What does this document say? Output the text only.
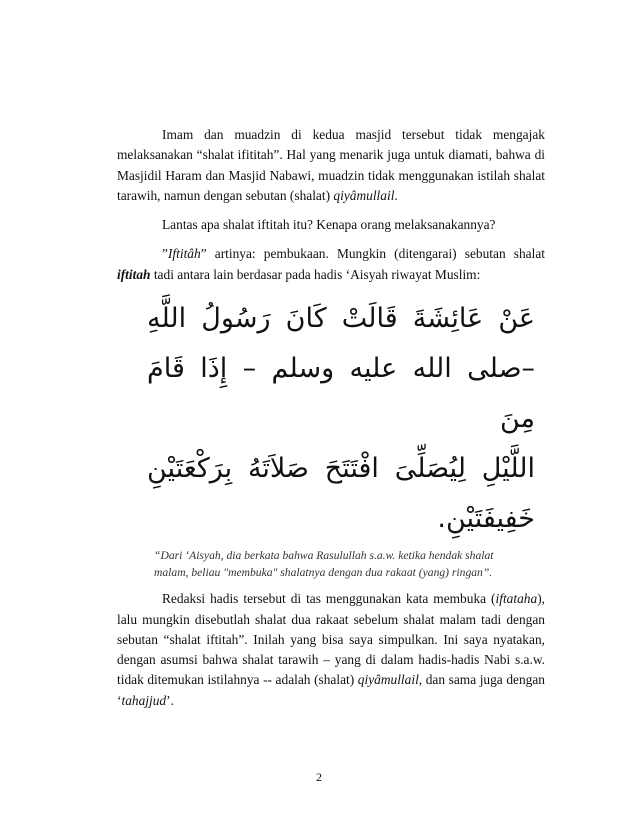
Imam dan muadzin di kedua masjid tersebut tidak mengajak melaksanakan “shalat ifititah”. Hal yang menarik juga untuk diamati, bahwa di Masjidil Haram dan Masjid Nabawi, muadzin tidak menggunakan istilah shalat tarawih, namun dengan sebutan (shalat) qiyâmullail.

Lantas apa shalat iftitah itu? Kenapa orang melaksanakannya?

”Iftitâh” artinya: pembukaan. Mungkin (ditengarai) sebutan shalat iftitah tadi antara lain berdasar pada hadis ‘Aisyah riwayat Muslim:

عَنْ عَائِشَةَ قَالَتْ كَانَ رَسُولُ اللَّهِ
–صلى الله عليه وسلم – إِذَا قَامَ مِنَ
اللَّيْلِ لِيُصَلِّىَ افْتَتَحَ صَلاَتَهُ بِرَكْعَتَيْنِ
خَفِيفَتَيْنِ.

“Dari ‘Aisyah, dia berkata bahwa Rasulullah s.a.w. ketika hendak shalat malam, beliau "membuka" shalatnya dengan dua rakaat (yang) ringan”.

Redaksi hadis tersebut di tas menggunakan kata membuka (iftataha), lalu mungkin disebutlah shalat dua rakaat sebelum shalat malam tadi dengan sebutan “shalat iftitah”. Inilah yang bisa saya simpulkan. Ini saya nyatakan, dengan asumsi bahwa shalat tarawih – yang di dalam hadis-hadis Nabi s.a.w. tidak ditemukan istilahnya -- adalah (shalat) qiyâmullail, dan sama juga dengan ‘tahajjud’.

2
